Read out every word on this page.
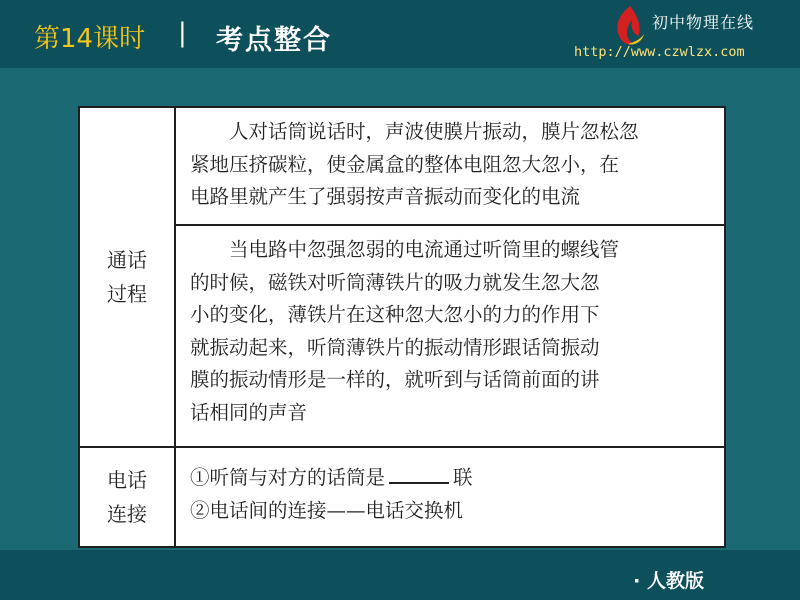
第14课时 | 考点整合
初中物理在线
http://www.czwlzx.com
通话
过程
人对话筒说话时，声波使膜片振动，膜片忽松忽
紧地压挤碳粒，使金属盒的整体电阻忽大忽小，在
电路里就产生了强弱按声音振动而变化的电流
当电路中忽强忽弱的电流通过听筒里的螺线管
的时候，磁铁对听筒薄铁片的吸力就发生忽大忽
小的变化，薄铁片在这种忽大忽小的力的作用下
就振动起来，听筒薄铁片的振动情形跟话筒振动
膜的振动情形是一样的，就听到与话筒前面的讲
话相同的声音
电话
连接
①听筒与对方的话筒是	联
②电话间的连接——电话交换机
· 人教版
